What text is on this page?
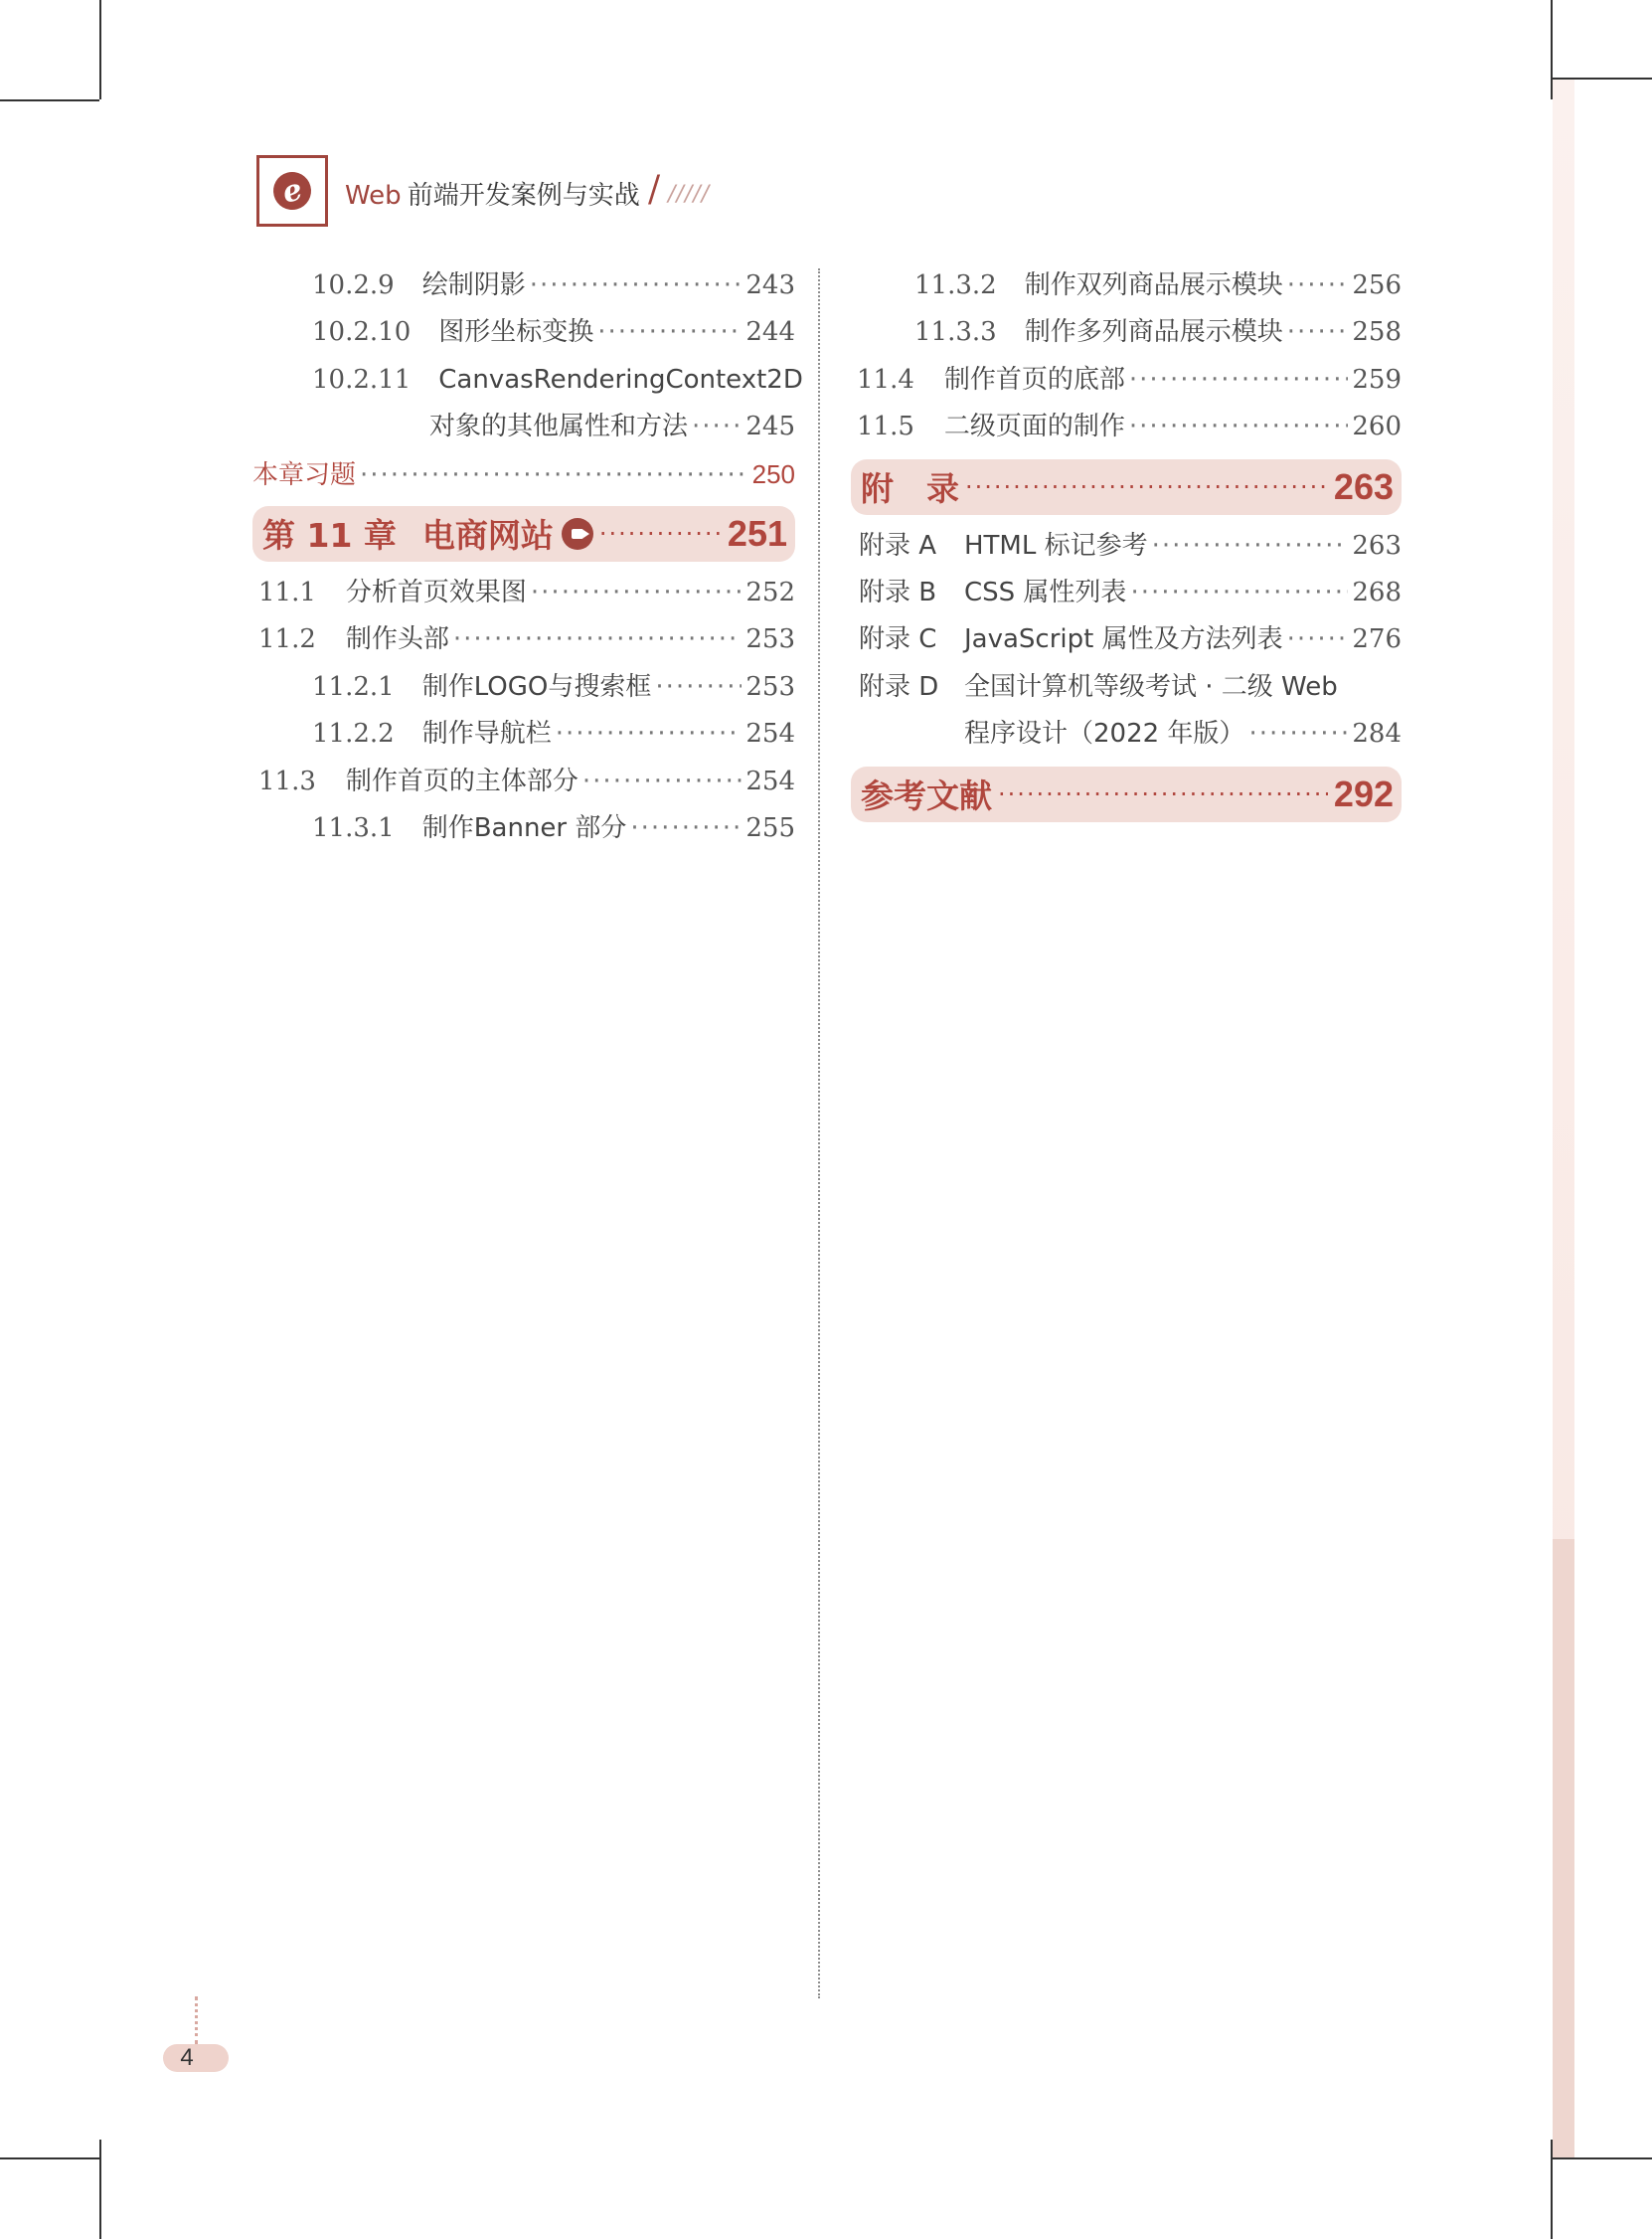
e Web 前端开发案例与实战 / /////
10.2.9 绘制阴影 ·····	243
10.2.10 图形坐标变换 ·····	244
10.2.11 CanvasRenderingContext2D
对象的其他属性和方法 ····· 245
本章习题 ·····	250
第 11 章 电商网站 ·····	251
11.1 分析首页效果图 ·····	252
11.2 制作头部 ·····	253
11.2.1 制作LOGO与搜索框 ·····	253
11.2.2 制作导航栏 ·····	254
11.3 制作首页的主体部分 ·····	254
11.3.1 制作Banner 部分 ·····	255
11.3.2 制作双列商品展示模块 ·····	256
11.3.3 制作多列商品展示模块 ·····	258
11.4 制作首页的底部 ·····	259
11.5 二级页面的制作 ·····	260
附　录 ·····	263
附录 A	HTML 标记参考 ·····	263
附录 B	CSS 属性列表 ·····	268
附录 C	JavaScript 属性及方法列表 ·····	276
附录 D 全国计算机等级考试 · 二级 Web
程序设计（2022 年版） ·····	284
参考文献 ·····	292
4
